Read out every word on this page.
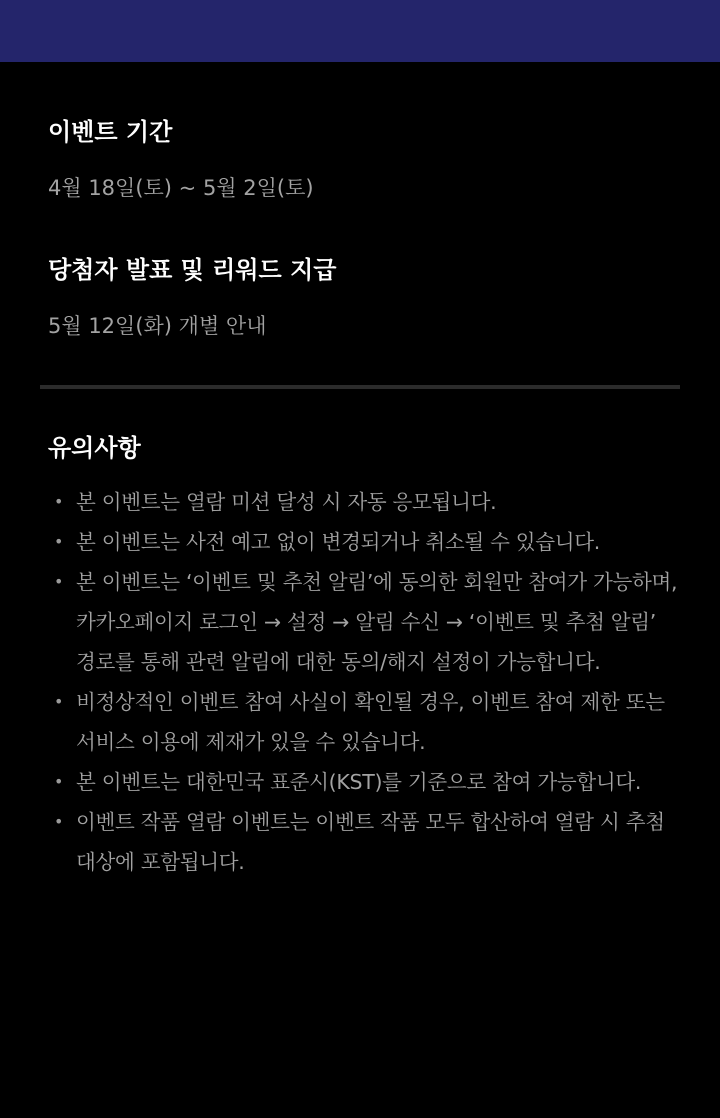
이벤트 기간
4월 18일(토) ~ 5월 2일(토)
당첨자 발표 및 리워드 지급
5월 12일(화) 개별 안내
유의사항
• 본 이벤트는 열람 미션 달성 시 자동 응모됩니다.
• 본 이벤트는 사전 예고 없이 변경되거나 취소될 수 있습니다.
• 본 이벤트는 ‘이벤트 및 추천 알림’에 동의한 회원만 참여가 가능하며, 카카오페이지 로그인 → 설정 → 알림 수신 → ‘이벤트 및 추첨 알림’ 경로를 통해 관련 알림에 대한 동의/해지 설정이 가능합니다.
• 비정상적인 이벤트 참여 사실이 확인될 경우, 이벤트 참여 제한 또는 서비스 이용에 제재가 있을 수 있습니다.
• 본 이벤트는 대한민국 표준시(KST)를 기준으로 참여 가능합니다.
• 이벤트 작품 열람 이벤트는 이벤트 작품 모두 합산하여 열람 시 추첨 대상에 포함됩니다.
